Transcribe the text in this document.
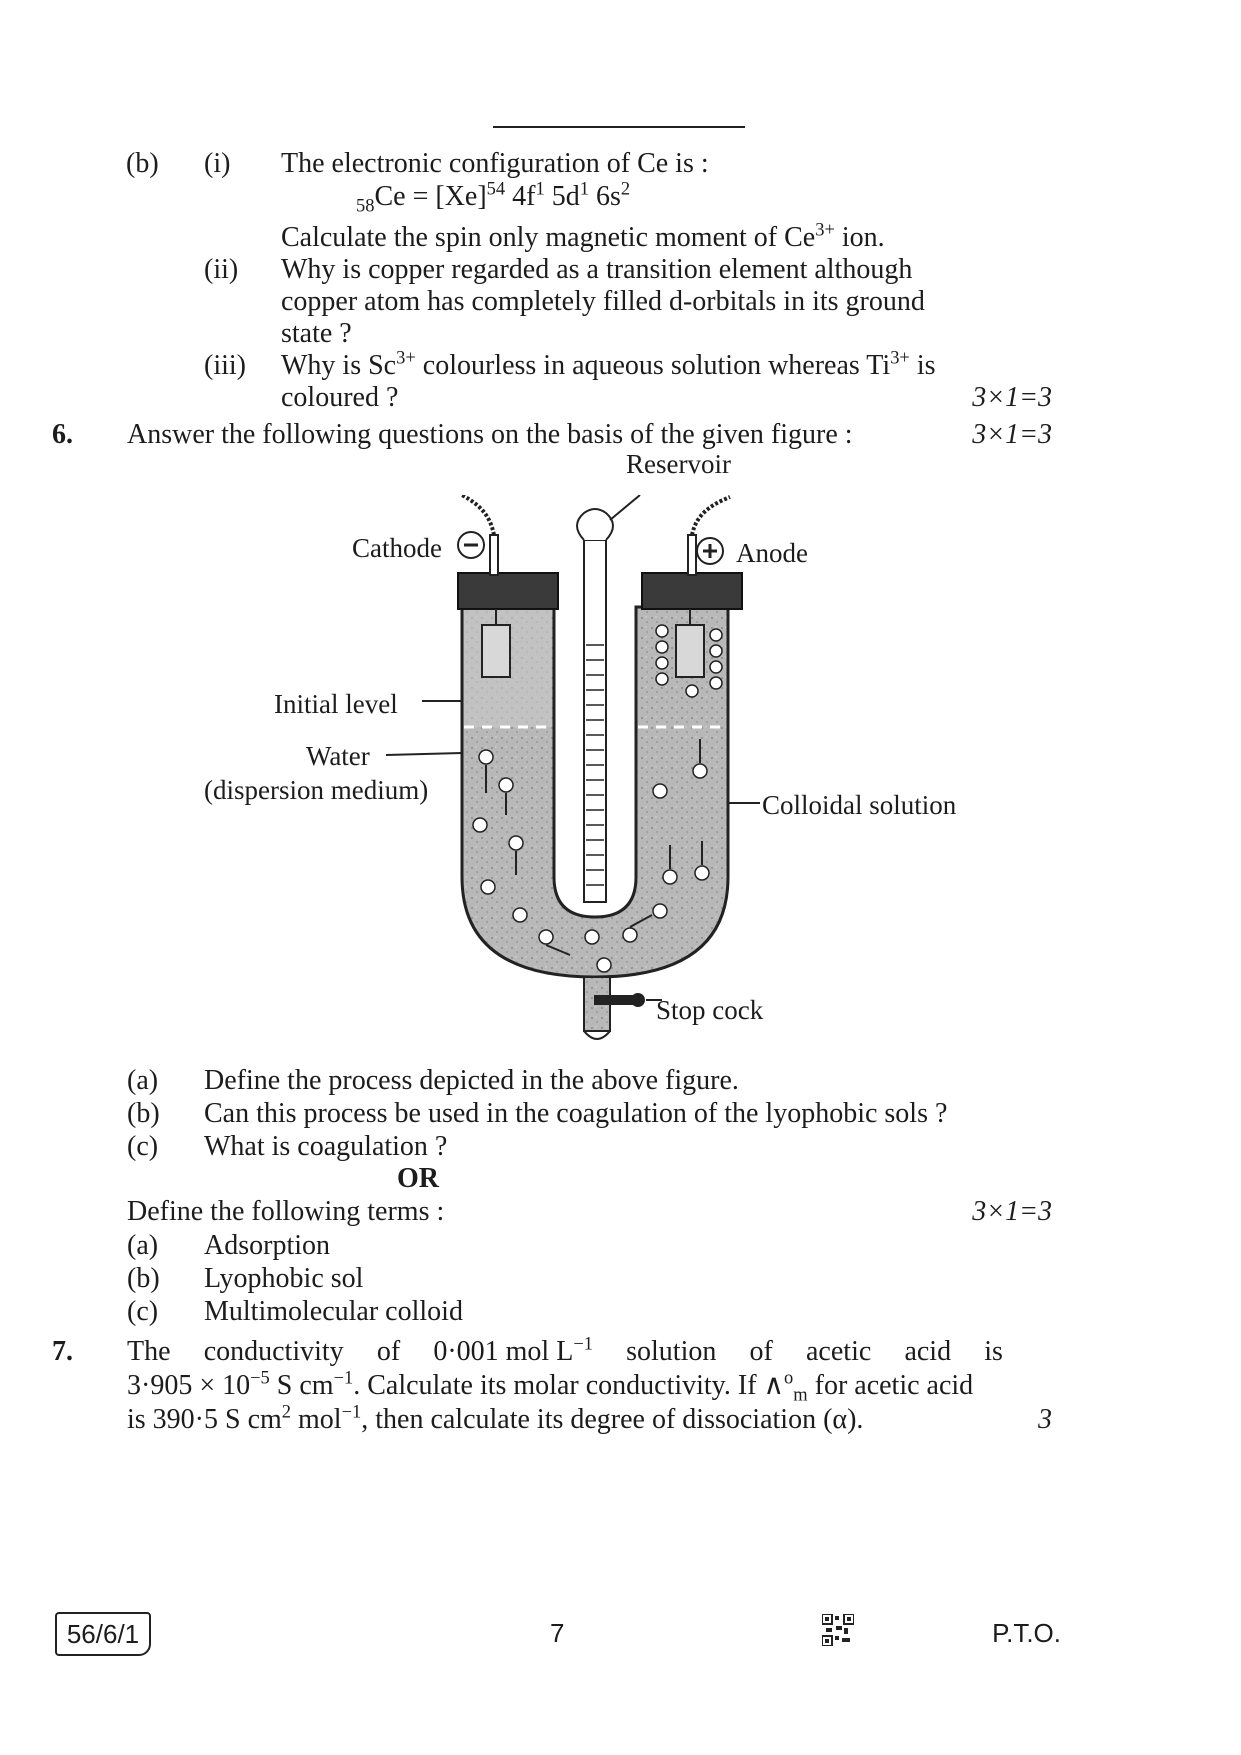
(b) (i) The electronic configuration of Ce is :
$_{58}Ce = [Xe]^{54}$ $4f^1$ $5d^1$ $6s^2$
Calculate the spin only magnetic moment of $Ce^{3+}$ ion.
(ii) Why is copper regarded as a transition element although
copper atom has completely filled d-orbitals in its ground
state ?
(iii) Why is $Sc^{3+}$ colourless in aqueous solution whereas $Ti^{3+}$ is
coloured ?	3×1=3
6. Answer the following questions on the basis of the given figure :	3×1=3
Reservoir
Cathode	Anode
Initial level
Water
(dispersion medium)	Colloidal solution
Stop cock
(a) Define the process depicted in the above figure.
(b) Can this process be used in the coagulation of the lyophobic sols ?
(c) What is coagulation ?
OR
Define the following terms :	3×1=3
(a) Adsorption
(b) Lyophobic sol
(c) Multimolecular colloid
7. The conductivity of 0·001 mol $L^{-1}$ solution of acetic acid is
$3\cdot 905 \times 10^{-5}$ S $cm^{-1}$. Calculate its molar conductivity. If ∧$^o_m$ for acetic acid
is 390·5 S $cm^2$ mol$^{-1}$, then calculate its degree of dissociation (α).	3
56/6/1	7	P.T.O.
